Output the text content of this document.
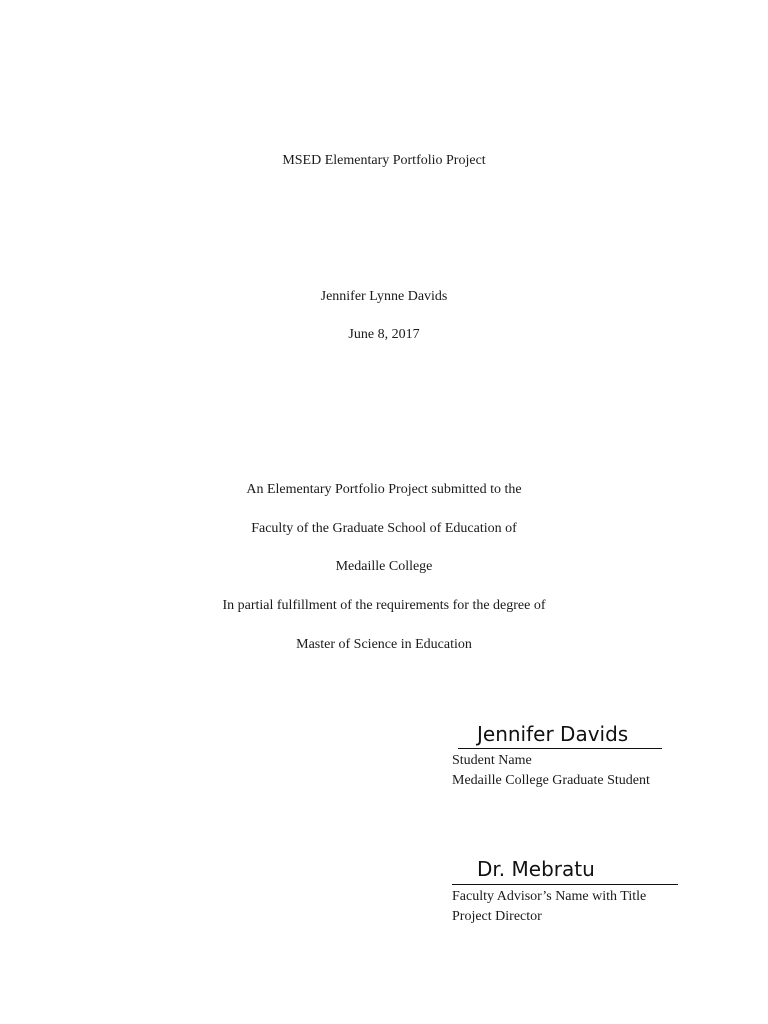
MSED Elementary Portfolio Project
Jennifer Lynne Davids
June 8, 2017
An Elementary Portfolio Project submitted to the
Faculty of the Graduate School of Education of
Medaille College
In partial fulfillment of the requirements for the degree of
Master of Science in Education
Jennifer Davids
Student Name
Medaille College Graduate Student
Dr. Mebratu
Faculty Advisor’s Name with Title
Project Director
